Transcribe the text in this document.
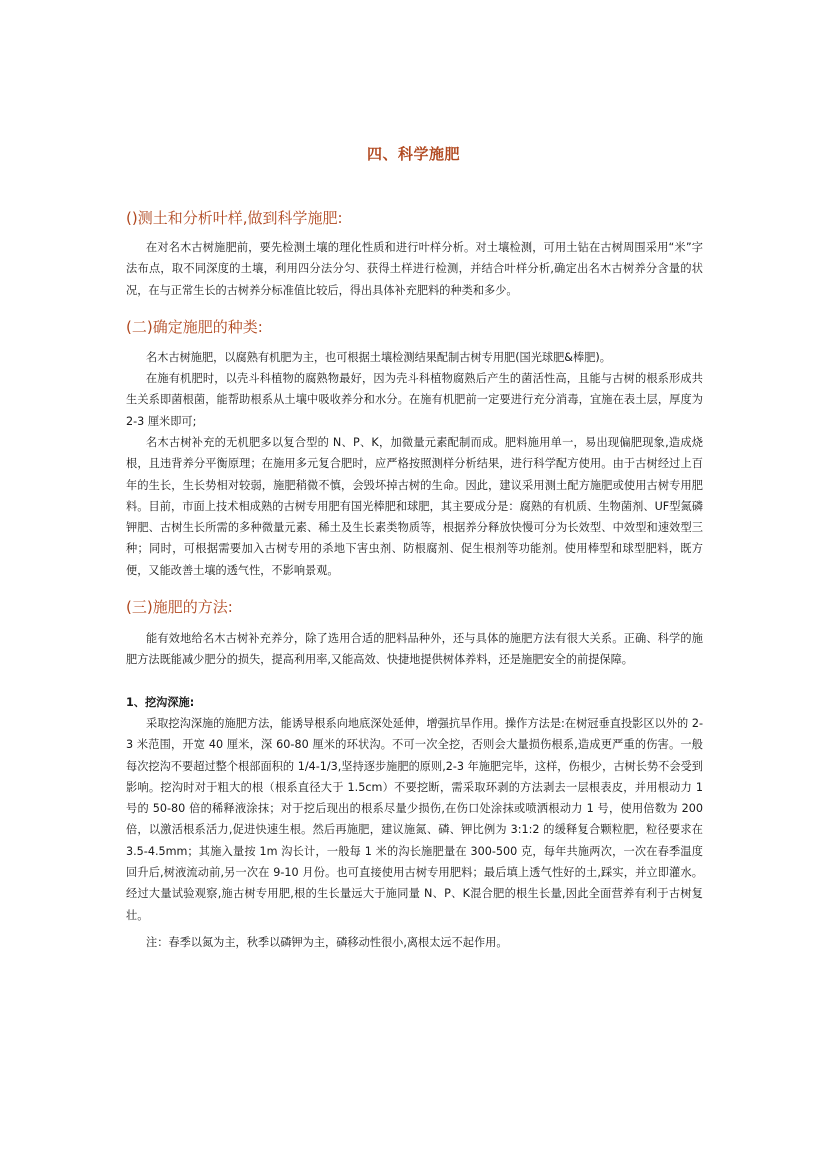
四、科学施肥
()测土和分析叶样,做到科学施肥:

在对名木古树施肥前，要先检测土壤的理化性质和进行叶样分析。对土壤检测，可用土钻在古树周围采用“米”字法布点，取不同深度的土壤，利用四分法分匀、获得土样进行检测，并结合叶样分析,确定出名木古树养分含量的状况，在与正常生长的古树养分标准值比较后，得出具体补充肥料的种类和多少。

(二)确定施肥的种类:

名木古树施肥，以腐熟有机肥为主，也可根据土壤检测结果配制古树专用肥(国光球肥&棒肥)。

在施有机肥时，以壳斗科植物的腐熟物最好，因为壳斗科植物腐熟后产生的菌活性高，且能与古树的根系形成共生关系即菌根菌，能帮助根系从土壤中吸收养分和水分。在施有机肥前一定要进行充分消毒，宜施在表土层，厚度为 2-3 厘米即可;

名木古树补充的无机肥多以复合型的 N、P、K，加微量元素配制而成。肥料施用单一，易出现偏肥现象,造成烧根，且违背养分平衡原理；在施用多元复合肥时，应严格按照测样分析结果，进行科学配方使用。由于古树经过上百年的生长，生长势相对较弱，施肥稍微不慎，会毁坏掉古树的生命。因此，建议采用测土配方施肥或使用古树专用肥料。目前，市面上技术相成熟的古树专用肥有国光棒肥和球肥，其主要成分是：腐熟的有机质、生物菌剂、UF型氮磷钾肥、古树生长所需的多种微量元素、稀土及生长素类物质等，根据养分释放快慢可分为长效型、中效型和速效型三种；同时，可根据需要加入古树专用的杀地下害虫剂、防根腐剂、促生根剂等功能剂。使用棒型和球型肥料，既方便，又能改善土壤的透气性，不影响景观。

(三)施肥的方法:

能有效地给名木古树补充养分，除了选用合适的肥料品种外，还与具体的施肥方法有很大关系。正确、科学的施肥方法既能减少肥分的损失，提高利用率,又能高效、快捷地提供树体养料，还是施肥安全的前提保障。

1、挖沟深施:

采取挖沟深施的施肥方法，能诱导根系向地底深处延伸，增强抗旱作用。操作方法是:在树冠垂直投影区以外的 2-3 米范围，开宽 40 厘米，深 60-80 厘米的环状沟。不可一次全挖，否则会大量损伤根系,造成更严重的伤害。一般每次挖沟不要超过整个根部面积的 1/4-1/3,坚持逐步施肥的原则,2-3 年施肥完毕，这样，伤根少，古树长势不会受到影响。挖沟时对于粗大的根（根系直径大于 1.5cm）不要挖断，需采取环剥的方法剥去一层根表皮，并用根动力 1 号的 50-80 倍的稀释液涂抹；对于挖后现出的根系尽量少损伤,在伤口处涂抹或喷洒根动力 1 号，使用倍数为 200 倍，以激活根系活力,促进快速生根。然后再施肥，建议施氮、磷、钾比例为 3:1:2 的缓释复合颗粒肥，粒径要求在 3.5-4.5mm；其施入量按 1m 沟长计，一般每 1 米的沟长施肥量在 300-500 克，每年共施两次，一次在春季温度回升后,树液流动前,另一次在 9-10 月份。也可直接使用古树专用肥料；最后填上透气性好的土,踩实，并立即灌水。经过大量试验观察,施古树专用肥,根的生长量远大于施同量 N、P、K混合肥的根生长量,因此全面营养有利于古树复壮。

注：春季以氮为主，秋季以磷钾为主，磷移动性很小,离根太远不起作用。
